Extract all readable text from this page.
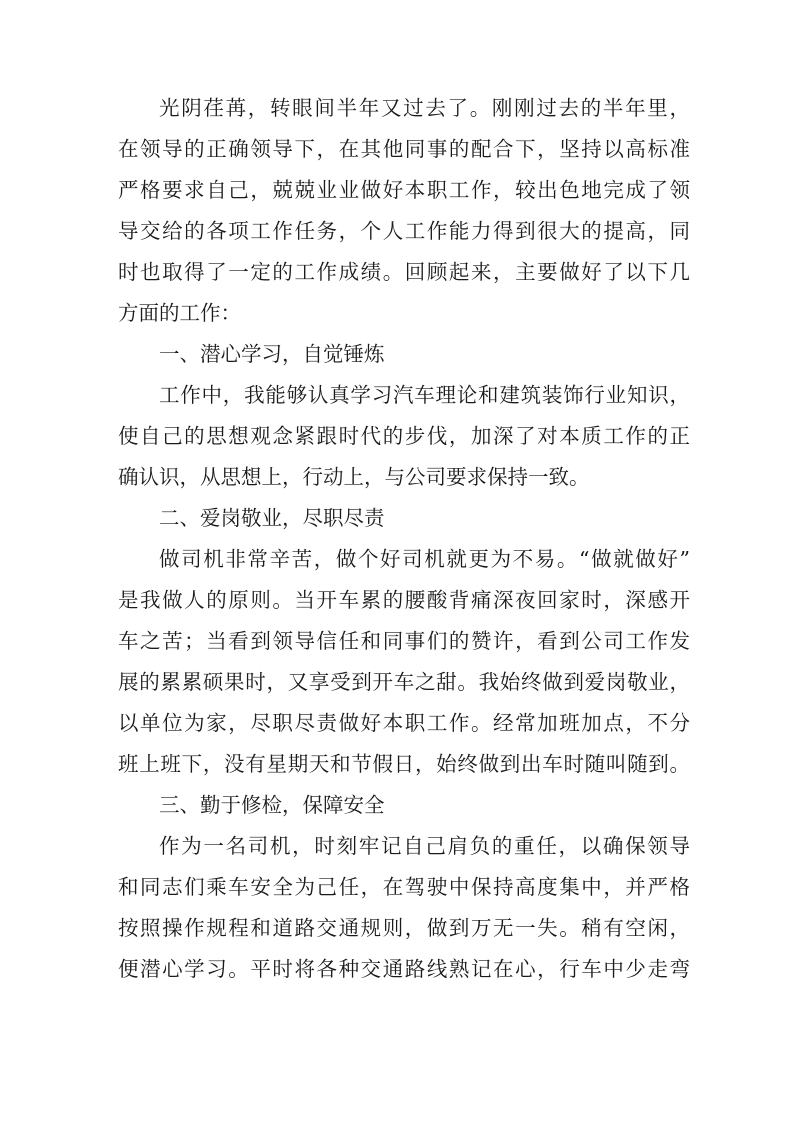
光阴荏苒，转眼间半年又过去了。刚刚过去的半年里，
在领导的正确领导下，在其他同事的配合下，坚持以高标准
严格要求自己，兢兢业业做好本职工作，较出色地完成了领
导交给的各项工作任务，个人工作能力得到很大的提高，同
时也取得了一定的工作成绩。回顾起来，主要做好了以下几
方面的工作：
一、潜心学习，自觉锤炼
工作中，我能够认真学习汽车理论和建筑装饰行业知识，
使自己的思想观念紧跟时代的步伐，加深了对本质工作的正
确认识，从思想上，行动上，与公司要求保持一致。
二、爱岗敬业，尽职尽责
做司机非常辛苦，做个好司机就更为不易。“做就做好”
是我做人的原则。当开车累的腰酸背痛深夜回家时，深感开
车之苦；当看到领导信任和同事们的赞许，看到公司工作发
展的累累硕果时，又享受到开车之甜。我始终做到爱岗敬业，
以单位为家，尽职尽责做好本职工作。经常加班加点，不分
班上班下，没有星期天和节假日，始终做到出车时随叫随到。
三、勤于修检，保障安全
作为一名司机，时刻牢记自己肩负的重任，以确保领导
和同志们乘车安全为己任，在驾驶中保持高度集中，并严格
按照操作规程和道路交通规则，做到万无一失。稍有空闲，
便潜心学习。平时将各种交通路线熟记在心，行车中少走弯
